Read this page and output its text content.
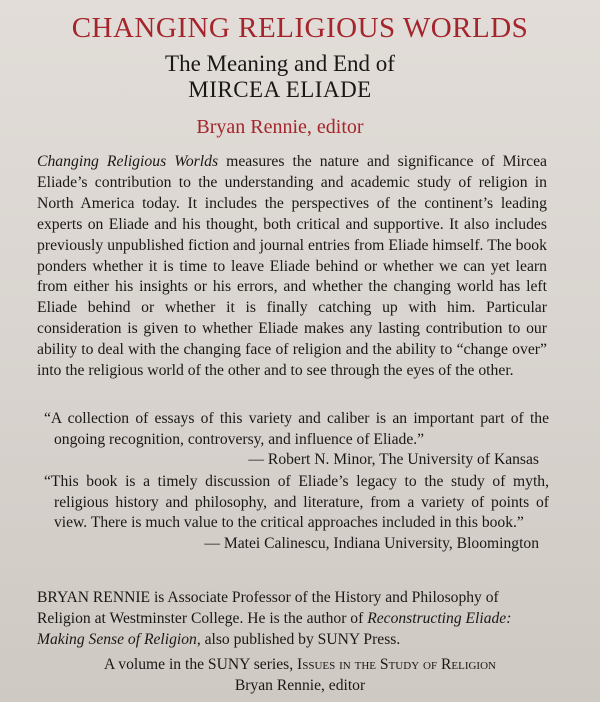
CHANGING RELIGIOUS WORLDS
The Meaning and End of
MIRCEA ELIADE
Bryan Rennie, editor

Changing Religious Worlds measures the nature and significance of Mircea Eliade’s contribution to the understanding and academic study of religion in North America today. It includes the perspectives of the continent’s leading experts on Eliade and his thought, both critical and supportive. It also includes previously unpublished fiction and journal entries from Eliade himself. The book ponders whether it is time to leave Eliade behind or whether we can yet learn from either his insights or his errors, and whether the changing world has left Eliade behind or whether it is finally catching up with him. Particular consideration is given to whether Eliade makes any lasting contribution to our ability to deal with the changing face of religion and the ability to “change over” into the religious world of the other and to see through the eyes of the other.

“A collection of essays of this variety and caliber is an important part of the ongoing recognition, controversy, and influence of Eliade.”
— Robert N. Minor, The University of Kansas
“This book is a timely discussion of Eliade’s legacy to the study of myth, religious history and philosophy, and literature, from a variety of points of view. There is much value to the critical approaches included in this book.”
— Matei Calinescu, Indiana University, Bloomington

BRYAN RENNIE is Associate Professor of the History and Philosophy of Religion at Westminster College. He is the author of Reconstructing Eliade: Making Sense of Religion, also published by SUNY Press.

A volume in the SUNY series, Issues in the Study of Religion
Bryan Rennie, editor
